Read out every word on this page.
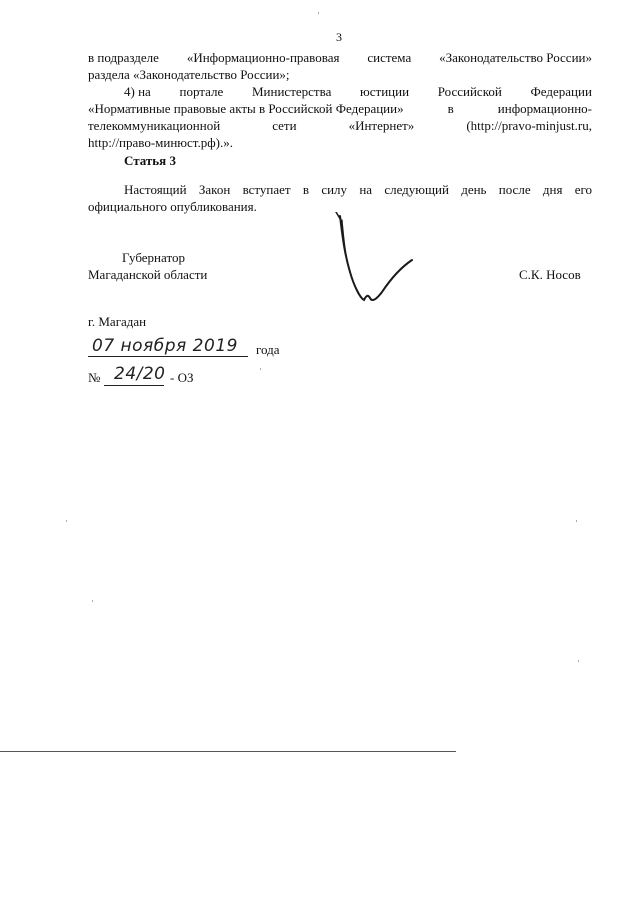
3
в подразделе «Информационно-правовая система «Законодательство России»
раздела «Законодательство России»;
4) на портале Министерства юстиции Российской Федерации
«Нормативные правовые акты в Российской Федерации»	в	информационно-
телекоммуникационной	сети	«Интернет»	(http://pravo-minjust.ru,
http://право-минюст.рф).».
Статья 3
Настоящий Закон вступает в силу на следующий день после дня его
официального опубликования.
Губернатор
Магаданской области	С.К. Носов
г. Магадан
07 ноября 2019 года
№ 24/20 - ОЗ
